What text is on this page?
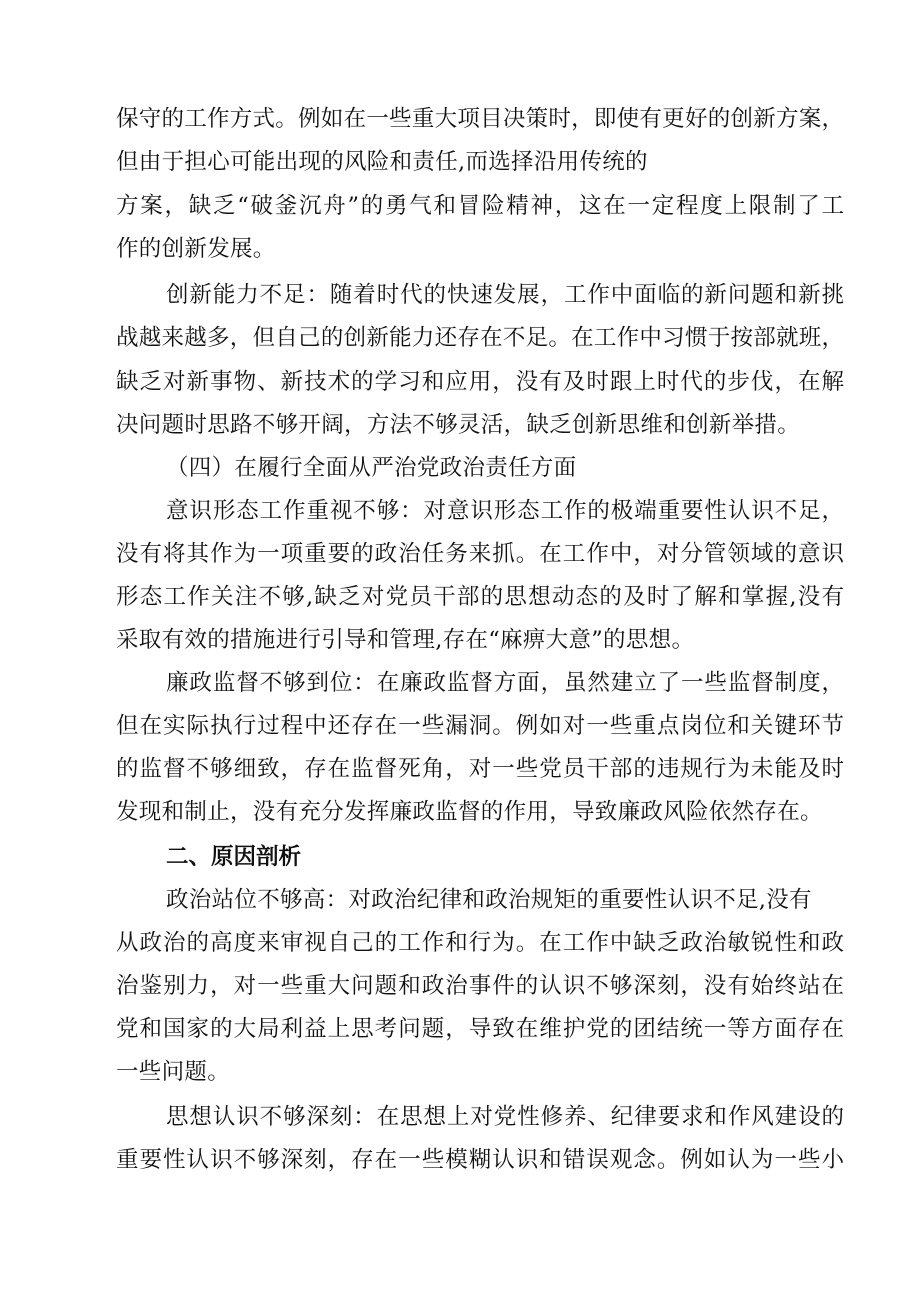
保守的工作方式。例如在一些重大项目决策时，即使有更好的创新方案，
但由于担心可能出现的风险和责任,而选择沿用传统的
方案，缺乏“破釜沉舟”的勇气和冒险精神，这在一定程度上限制了工
作的创新发展。
创新能力不足：随着时代的快速发展，工作中面临的新问题和新挑
战越来越多，但自己的创新能力还存在不足。在工作中习惯于按部就班，
缺乏对新事物、新技术的学习和应用，没有及时跟上时代的步伐，在解
决问题时思路不够开阔，方法不够灵活，缺乏创新思维和创新举措。
（四）在履行全面从严治党政治责任方面
意识形态工作重视不够：对意识形态工作的极端重要性认识不足，
没有将其作为一项重要的政治任务来抓。在工作中，对分管领域的意识
形态工作关注不够,缺乏对党员干部的思想动态的及时了解和掌握,没有
采取有效的措施进行引导和管理,存在“麻痹大意”的思想。
廉政监督不够到位：在廉政监督方面，虽然建立了一些监督制度，
但在实际执行过程中还存在一些漏洞。例如对一些重点岗位和关键环节
的监督不够细致，存在监督死角，对一些党员干部的违规行为未能及时
发现和制止，没有充分发挥廉政监督的作用，导致廉政风险依然存在。
二、原因剖析
政治站位不够高：对政治纪律和政治规矩的重要性认识不足,没有
从政治的高度来审视自己的工作和行为。在工作中缺乏政治敏锐性和政
治鉴别力，对一些重大问题和政治事件的认识不够深刻，没有始终站在
党和国家的大局利益上思考问题，导致在维护党的团结统一等方面存在
一些问题。
思想认识不够深刻：在思想上对党性修养、纪律要求和作风建设的
重要性认识不够深刻，存在一些模糊认识和错误观念。例如认为一些小
